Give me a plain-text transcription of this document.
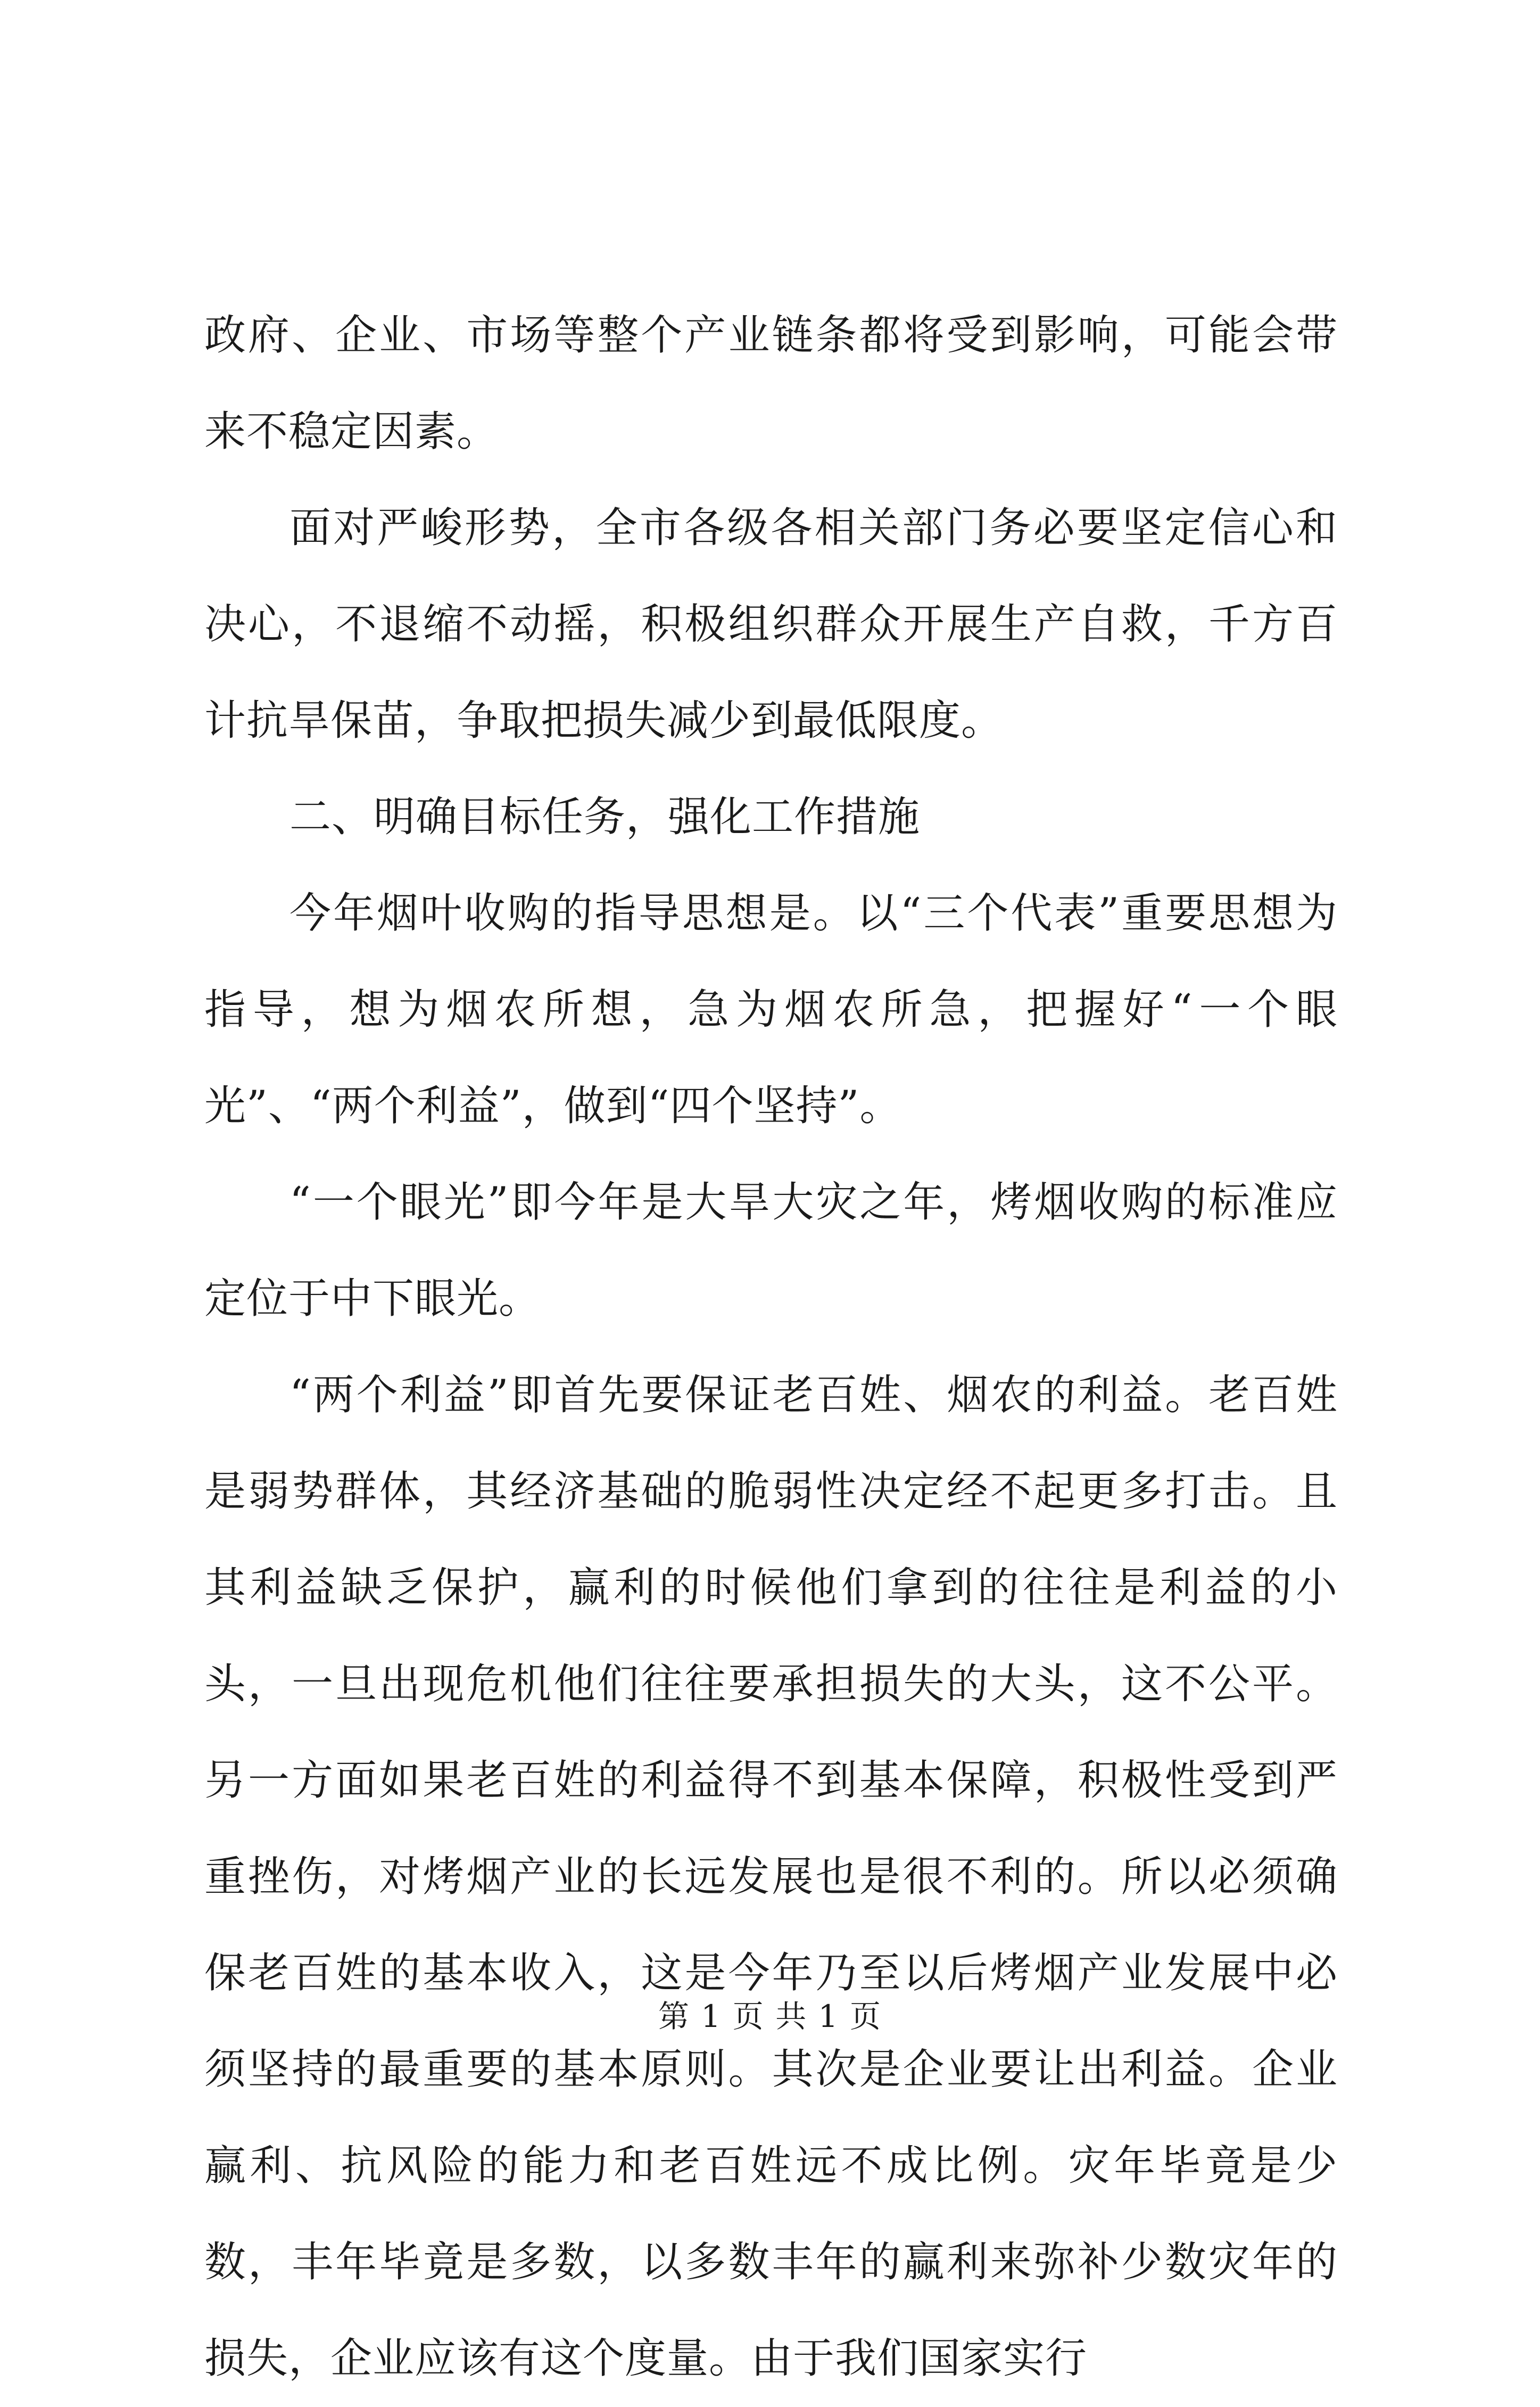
政府、企业、市场等整个产业链条都将受到影响，可能会带来不稳定因素。

面对严峻形势，全市各级各相关部门务必要坚定信心和决心，不退缩不动摇，积极组织群众开展生产自救，千方百计抗旱保苗，争取把损失减少到最低限度。

二、明确目标任务，强化工作措施

今年烟叶收购的指导思想是。以“三个代表”重要思想为指导，想为烟农所想，急为烟农所急，把握好“一个眼光”、“两个利益”，做到“四个坚持”。

“一个眼光”即今年是大旱大灾之年，烤烟收购的标准应定位于中下眼光。

“两个利益”即首先要保证老百姓、烟农的利益。老百姓是弱势群体，其经济基础的脆弱性决定经不起更多打击。且其利益缺乏保护，赢利的时候他们拿到的往往是利益的小头，一旦出现危机他们往往要承担损失的大头，这不公平。另一方面如果老百姓的利益得不到基本保障，积极性受到严重挫伤，对烤烟产业的长远发展也是很不利的。所以必须确保老百姓的基本收入，这是今年乃至以后烤烟产业发展中必须坚持的最重要的基本原则。其次是企业要让出利益。企业赢利、抗风险的能力和老百姓远不成比例。灾年毕竟是少数，丰年毕竟是多数，以多数丰年的赢利来弥补少数灾年的损失，企业应该有这个度量。由于我们国家实行

第 1 页 共 1 页
